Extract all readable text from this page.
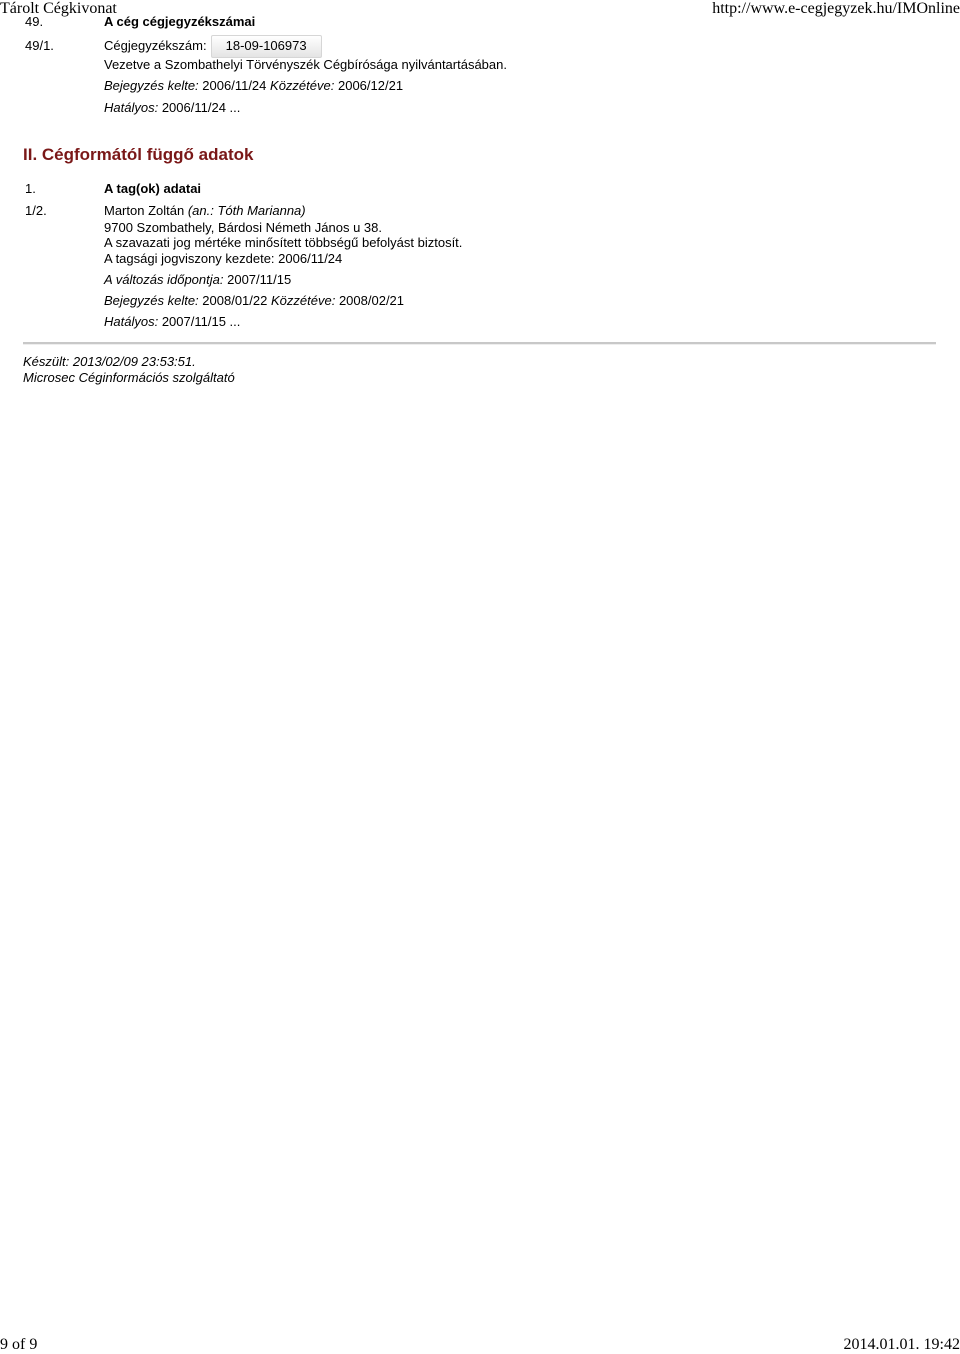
Tárolt Cégkivonat	http://www.e-cegjegyzek.hu/IMOnline
49.	A cég cégjegyzékszámai
49/1.	Cégjegyzékszám: 18-09-106973
Vezetve a Szombathelyi Törvényszék Cégbírósága nyilvántartásában.
Bejegyzés kelte: 2006/11/24 Közzétéve: 2006/12/21
Hatályos: 2006/11/24 ...
II. Cégformától függő adatok
1.	A tag(ok) adatai
1/2.	Marton Zoltán (an.: Tóth Marianna)
9700 Szombathely, Bárdosi Németh János u 38.
A szavazati jog mértéke minősített többségű befolyást biztosít.
A tagsági jogviszony kezdete: 2006/11/24
A változás időpontja: 2007/11/15
Bejegyzés kelte: 2008/01/22 Közzétéve: 2008/02/21
Hatályos: 2007/11/15 ...
Készült: 2013/02/09 23:53:51.
Microsec Céginformációs szolgáltató
9 of 9	2014.01.01. 19:42
